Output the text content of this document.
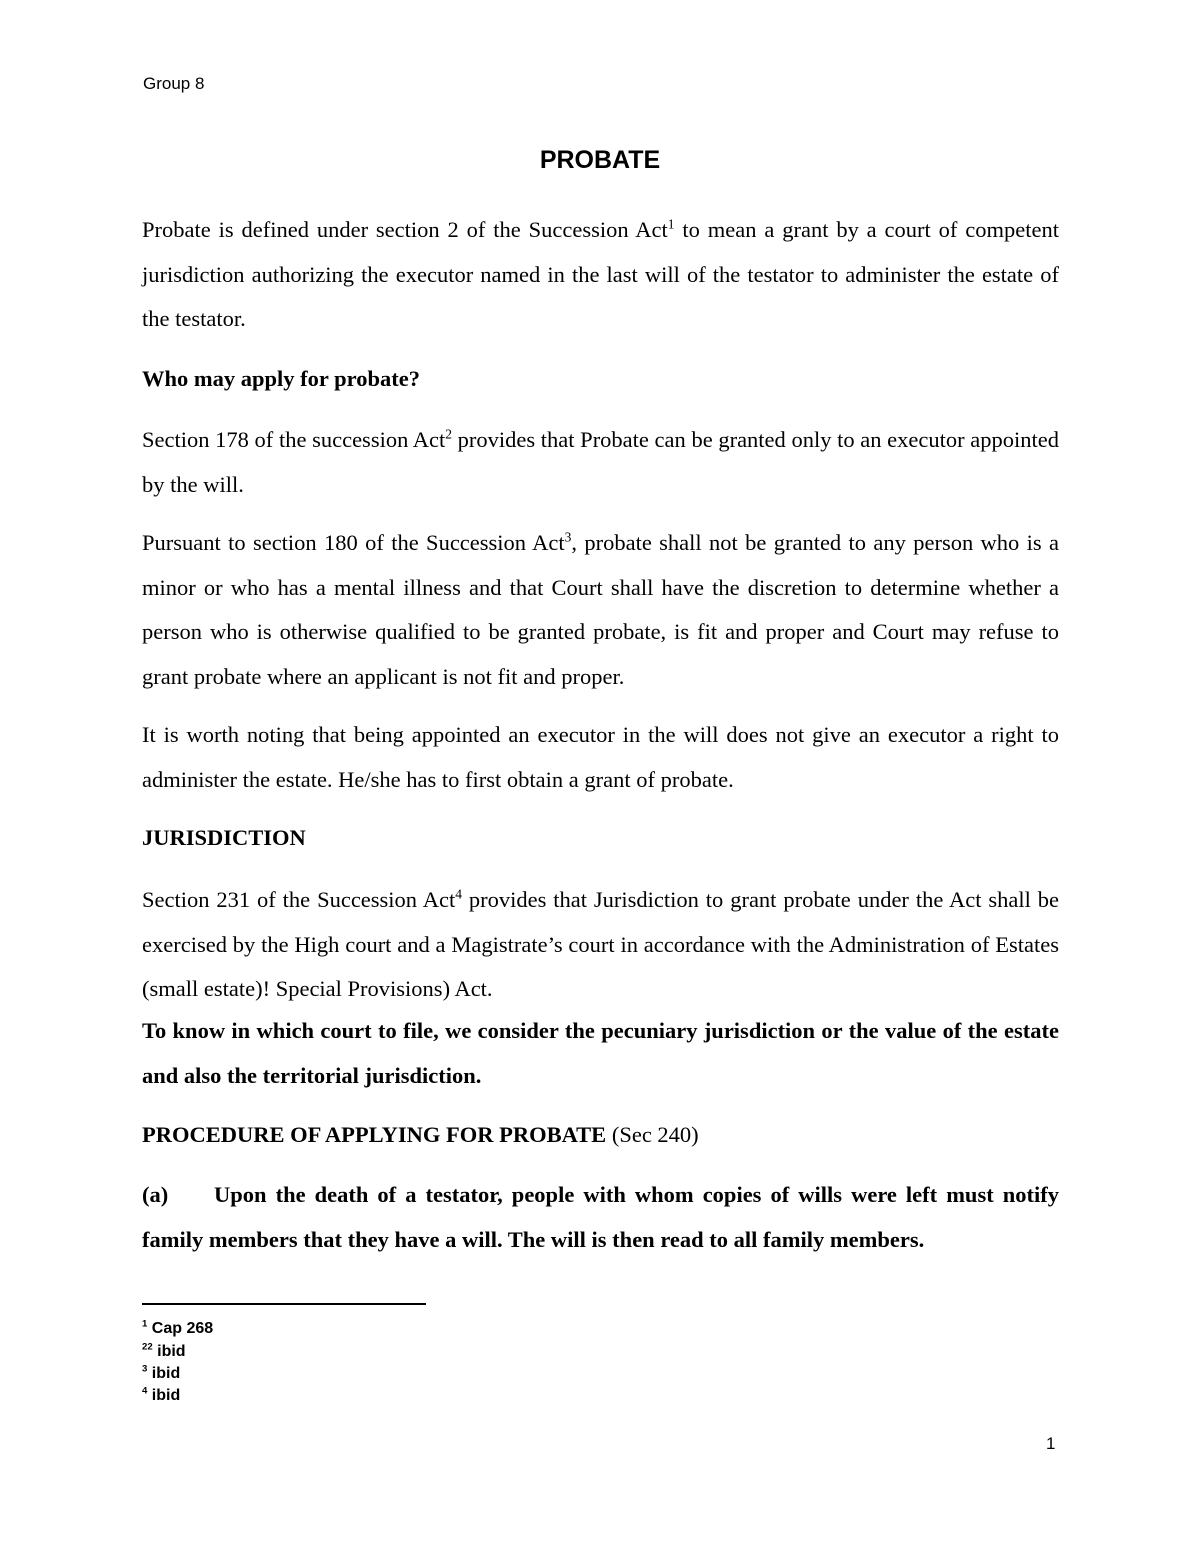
Group 8
PROBATE

Probate is defined under section 2 of the Succession Act$^1$ to mean a grant by a court of competent jurisdiction authorizing the executor named in the last will of the testator to administer the estate of the testator.

Who may apply for probate?

Section 178 of the succession Act$^2$ provides that Probate can be granted only to an executor appointed by the will.

Pursuant to section 180 of the Succession Act$^3$, probate shall not be granted to any person who is a minor or who has a mental illness and that Court shall have the discretion to determine whether a person who is otherwise qualified to be granted probate, is fit and proper and Court may refuse to grant probate where an applicant is not fit and proper.

It is worth noting that being appointed an executor in the will does not give an executor a right to administer the estate. He/she has to first obtain a grant of probate.

JURISDICTION

Section 231 of the Succession Act$^4$ provides that Jurisdiction to grant probate under the Act shall be exercised by the High court and a Magistrate’s court in accordance with the Administration of Estates (small estate)! Special Provisions) Act.

To know in which court to file, we consider the pecuniary jurisdiction or the value of the estate and also the territorial jurisdiction.

PROCEDURE OF APPLYING FOR PROBATE (Sec 240)

(a) Upon the death of a testator, people with whom copies of wills were left must notify family members that they have a will. The will is then read to all family members.

$^1$ Cap 268
$^{22}$ ibid
$^3$ ibid
$^4$ ibid
1
